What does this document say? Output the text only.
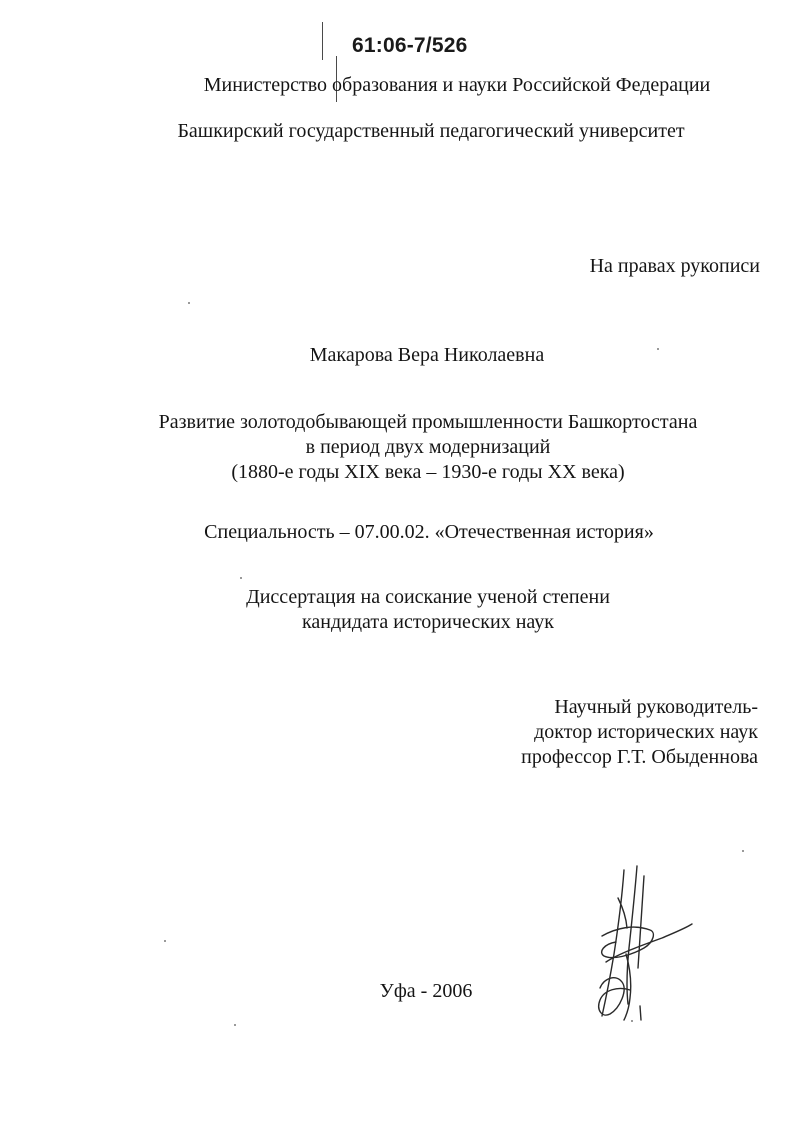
61:06-7/526
Министерство образования и науки Российской Федерации
Башкирский государственный педагогический университет
На правах рукописи
Макарова Вера Николаевна
Развитие золотодобывающей промышленности Башкортостана
в период двух модернизаций
(1880-е годы XIX века – 1930-е годы XX века)
Специальность – 07.00.02. «Отечественная история»
Диссертация на соискание ученой степени
кандидата исторических наук
Научный руководитель-
доктор исторических наук
профессор Г.Т. Обыденнова
Уфа - 2006
